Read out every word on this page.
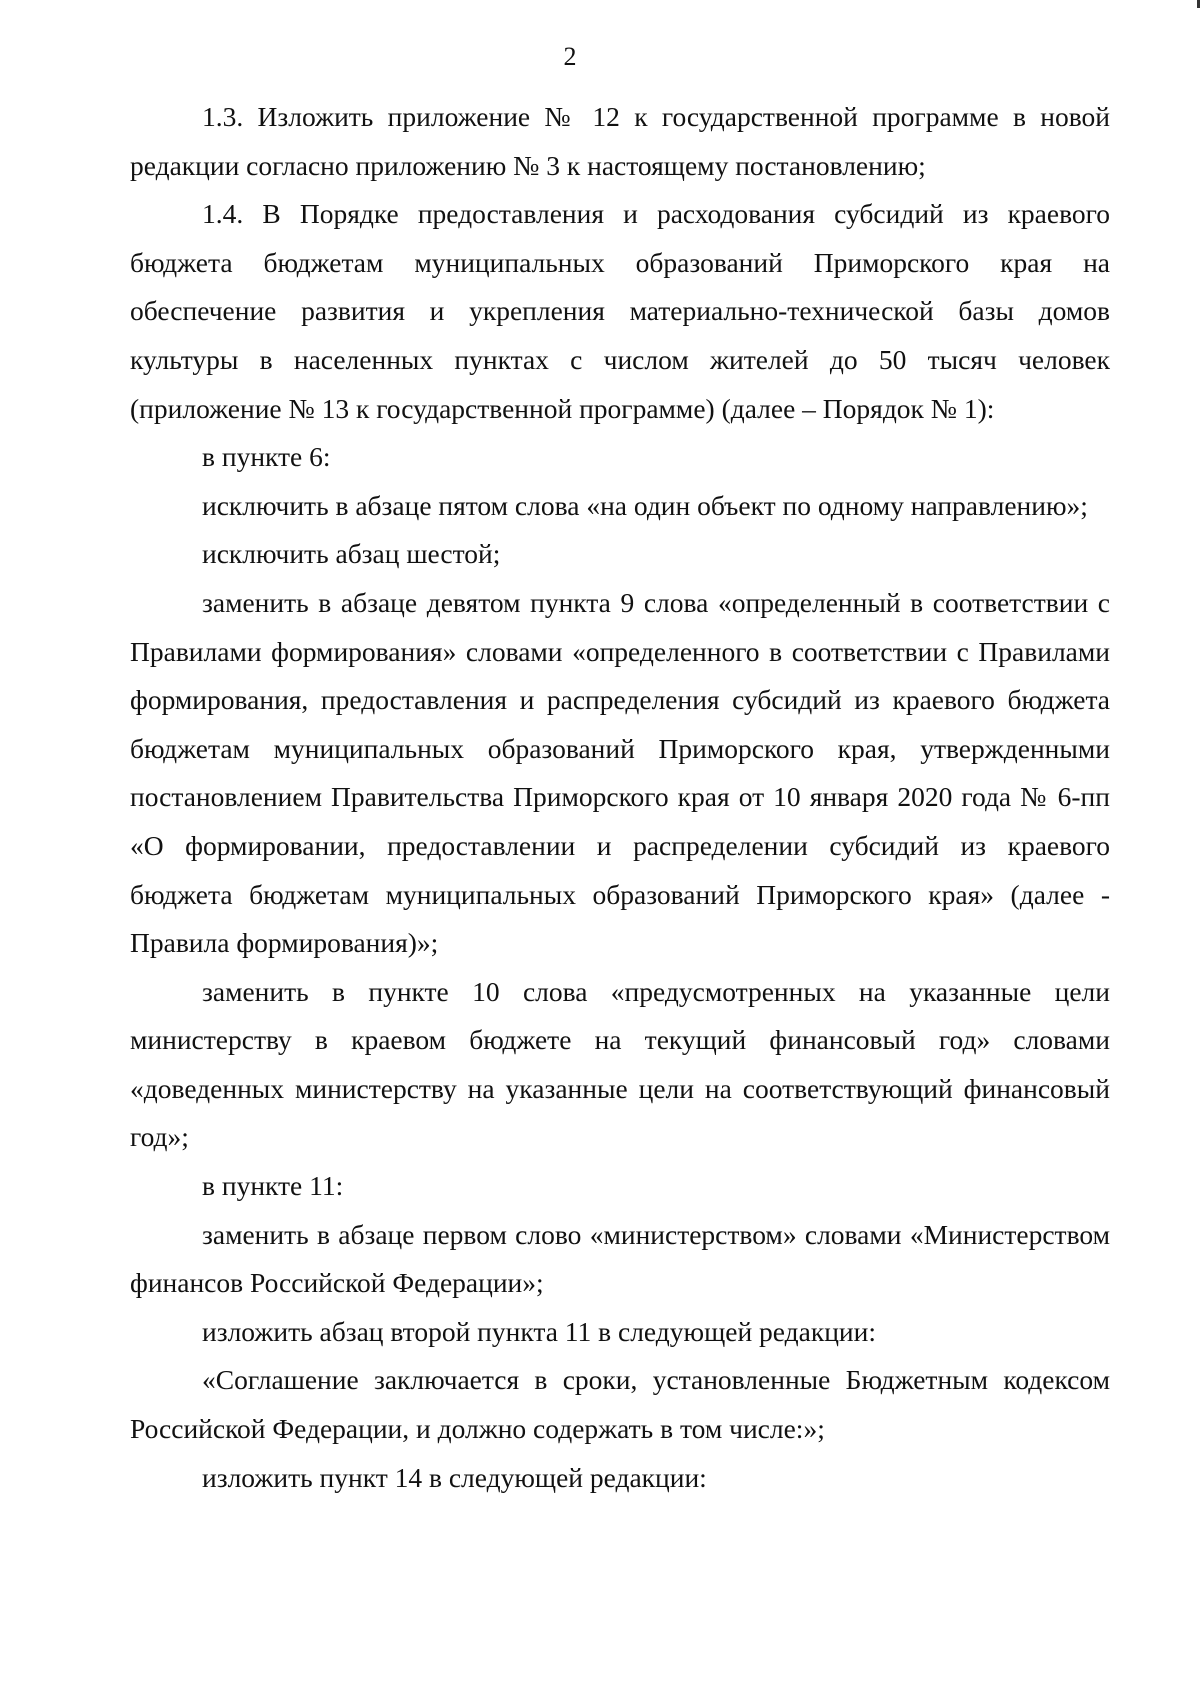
2

1.3. Изложить приложение № 12 к государственной программе в новой редакции согласно приложению № 3 к настоящему постановлению;

1.4. В Порядке предоставления и расходования субсидий из краевого бюджета бюджетам муниципальных образований Приморского края на обеспечение развития и укрепления материально-технической базы домов культуры в населенных пунктах с числом жителей до 50 тысяч человек (приложение № 13 к государственной программе) (далее – Порядок № 1):

в пункте 6:

исключить в абзаце пятом слова «на один объект по одному направлению»;

исключить абзац шестой;

заменить в абзаце девятом пункта 9 слова «определенный в соответствии с Правилами формирования» словами «определенного в соответствии с Правилами формирования, предоставления и распределения субсидий из краевого бюджета бюджетам муниципальных образований Приморского края, утвержденными постановлением Правительства Приморского края от 10 января 2020 года № 6-пп «О формировании, предоставлении и распределении субсидий из краевого бюджета бюджетам муниципальных образований Приморского края» (далее - Правила формирования)»;

заменить в пункте 10 слова «предусмотренных на указанные цели министерству в краевом бюджете на текущий финансовый год» словами «доведенных министерству на указанные цели на соответствующий финансовый год»;

в пункте 11:

заменить в абзаце первом слово «министерством» словами «Министерством финансов Российской Федерации»;

изложить абзац второй пункта 11 в следующей редакции:

«Соглашение заключается в сроки, установленные Бюджетным кодексом Российской Федерации, и должно содержать в том числе:»;

изложить пункт 14 в следующей редакции:
